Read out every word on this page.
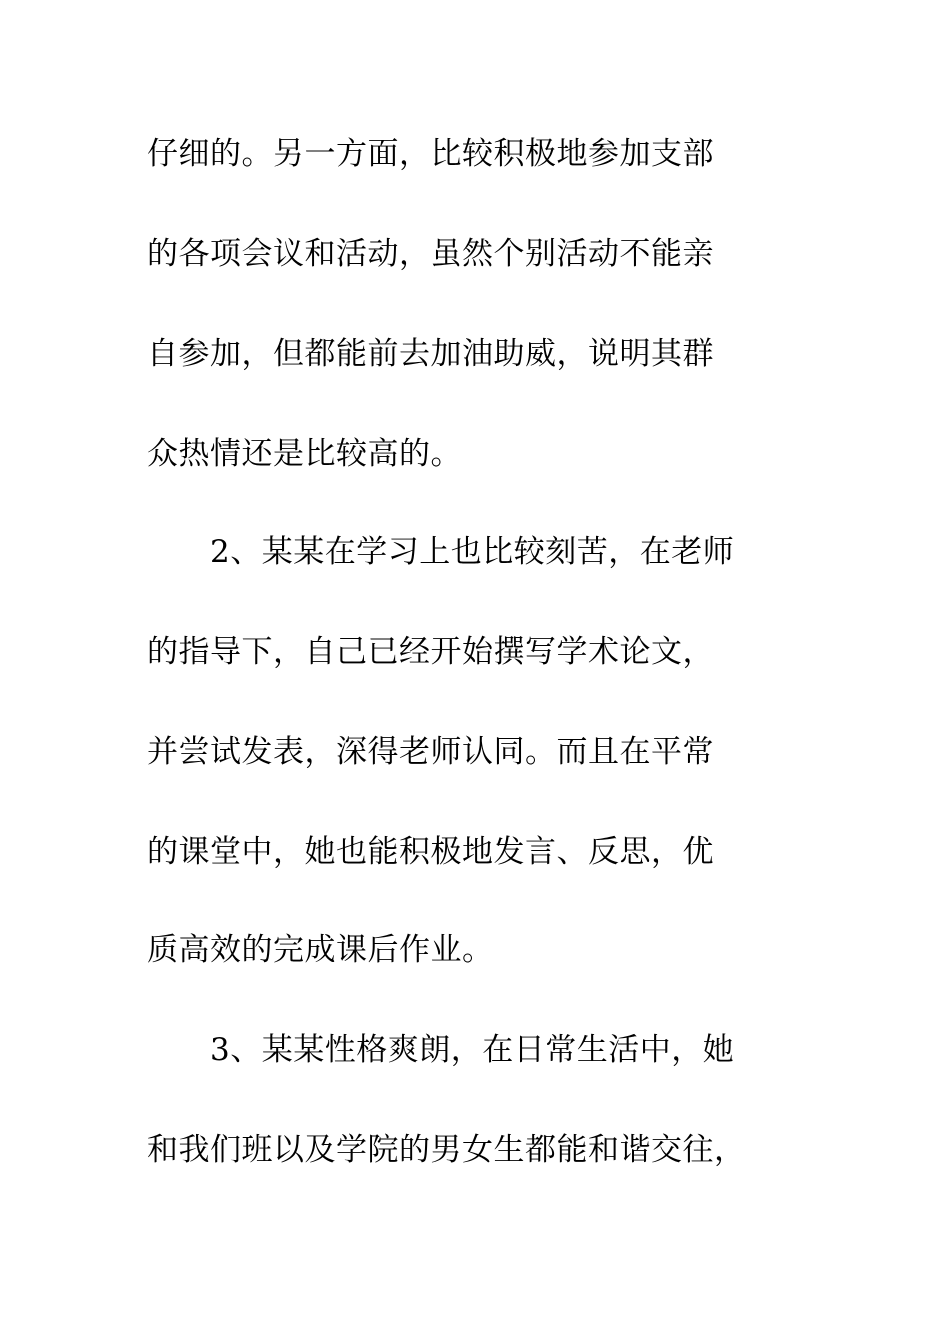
仔细的。另一方面，比较积极地参加支部
的各项会议和活动，虽然个别活动不能亲
自参加，但都能前去加油助威，说明其群
众热情还是比较高的。
2、某某在学习上也比较刻苦，在老师
的指导下，自己已经开始撰写学术论文，
并尝试发表，深得老师认同。而且在平常
的课堂中，她也能积极地发言、反思，优
质高效的完成课后作业。
3、某某性格爽朗，在日常生活中，她
和我们班以及学院的男女生都能和谐交往，
